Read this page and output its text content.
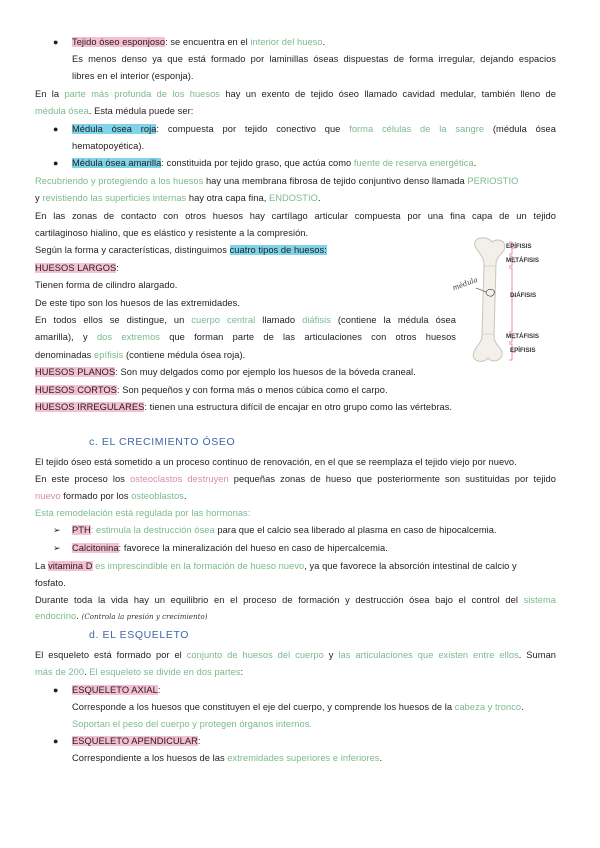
● Tejido óseo esponjoso: se encuentra en el interior del hueso.
Es menos denso ya que está formado por laminillas óseas dispuestas de forma irregular, dejando espacios
libres en el interior (esponja).
En la parte más profunda de los huesos hay un exento de tejido óseo llamado cavidad medular, también lleno de
médula ósea. Esta médula puede ser:
● Médula ósea roja: compuesta por tejido conectivo que forma células de la sangre (médula ósea
hematopoyética).
● Médula ósea amarilla: constituida por tejido graso, que actúa como fuente de reserva energética.
Recubriendo y protegiendo a los huesos hay una membrana fibrosa de tejido conjuntivo denso llamada PERIOSTIO
y revistiendo las superficies internas hay otra capa fina, ENDOSTIO.
En las zonas de contacto con otros huesos hay cartílago articular compuesta por una fina capa de un tejido
cartilaginoso hialino, que es elástico y resistente a la compresión.
Según la forma y características, distinguimos cuatro tipos de huesos:
HUESOS LARGOS:
Tienen forma de cilindro alargado.
De este tipo son los huesos de las extremidades.
En todos ellos se distingue, un cuerpo central llamado diáfisis (contiene la médula ósea
amarilla), y dos extremos que forman parte de las articulaciones con otros huesos
denominadas epífisis (contiene médula ósea roja).
HUESOS PLANOS: Son muy delgados como por ejemplo los huesos de la bóveda craneal.
HUESOS CORTOS: Son pequeños y con forma más o menos cúbica como el carpo.
HUESOS IRREGULARES: tienen una estructura difícil de encajar en otro grupo como las vértebras.
EPÍFISIS
METÁFISIS
DIÁFISIS
METÁFISIS
EPÍFISIS
médula
c. EL CRECIMIENTO ÓSEO
El tejido óseo está sometido a un proceso continuo de renovación, en el que se reemplaza el tejido viejo por nuevo.
En este proceso los osteoclastos destruyen pequeñas zonas de hueso que posteriormente son sustituidas por tejido
nuevo formado por los osteoblastos.
Esta remodelación está regulada por las hormonas:
➢ PTH: estimula la destrucción ósea para que el calcio sea liberado al plasma en caso de hipocalcemia.
➢ Calcitonina: favorece la mineralización del hueso en caso de hipercalcemia.
La vitamina D es imprescindible en la formación de hueso nuevo, ya que favorece la absorción intestinal de calcio y
fosfato.
Durante toda la vida hay un equilibrio en el proceso de formación y destrucción ósea bajo el control del sistema
endocrino. (Controla la presión y crecimiento)
d. EL ESQUELETO
El esqueleto está formado por el conjunto de huesos del cuerpo y las articulaciones que existen entre ellos. Suman
más de 200. El esqueleto se divide en dos partes:
● ESQUELETO AXIAL:
Corresponde a los huesos que constituyen el eje del cuerpo, y comprende los huesos de la cabeza y tronco.
Soportan el peso del cuerpo y protegen órganos internos.
● ESQUELETO APENDICULAR:
Correspondiente a los huesos de las extremidades superiores e inferiores.
